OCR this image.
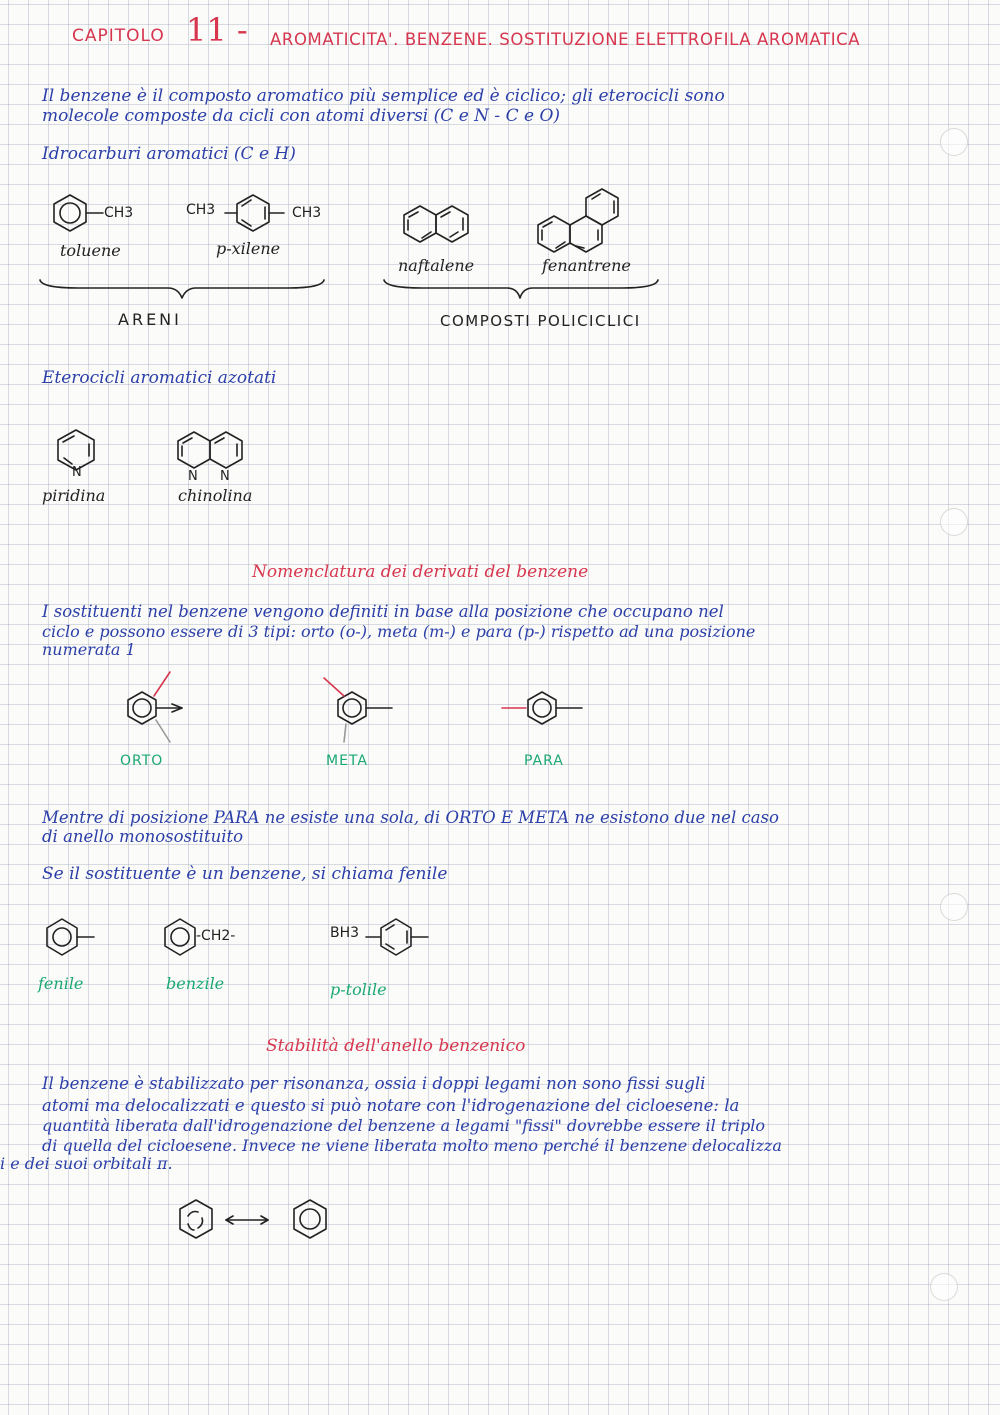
CAPITOLO 11 - AROMATICITA'. BENZENE. SOSTITUZIONE ELETTROFILA AROMATICA
Il benzene è il composto aromatico più semplice ed è ciclico; gli eterocicli sono
molecole composte da cicli con atomi diversi (C e N - C e O)
Idrocarburi aromatici (C e H)
CH3
toluene
CH3	CH3
p-xilene
naftalene	fenantrene
ARENI	COMPOSTI POLICICLICI
Eterocicli aromatici azotati
N
piridina
N N
chinolina
Nomenclatura dei derivati del benzene
I sostituenti nel benzene vengono definiti in base alla posizione che occupano nel
ciclo e possono essere di 3 tipi: orto (o-), meta (m-) e para (p-) rispetto ad una posizione
numerata 1
ORTO	META	PARA
Mentre di posizione PARA ne esiste una sola, di ORTO E META ne esistono due nel caso
di anello monosostituito
Se il sostituente è un benzene, si chiama fenile
fenile
-CH2-
benzile
BH3
p-tolile
Stabilità dell'anello benzenico
Il benzene è stabilizzato per risonanza, ossia i doppi legami non sono fissi sugli
atomi ma delocalizzati e questo si può notare con l'idrogenazione del cicloesene: la
quantità liberata dall'idrogenazione del benzene a legami "fissi" dovrebbe essere il triplo
di quella del cicloesene. Invece ne viene liberata molto meno perché il benzene delocalizza
i e dei suoi orbitali π.
